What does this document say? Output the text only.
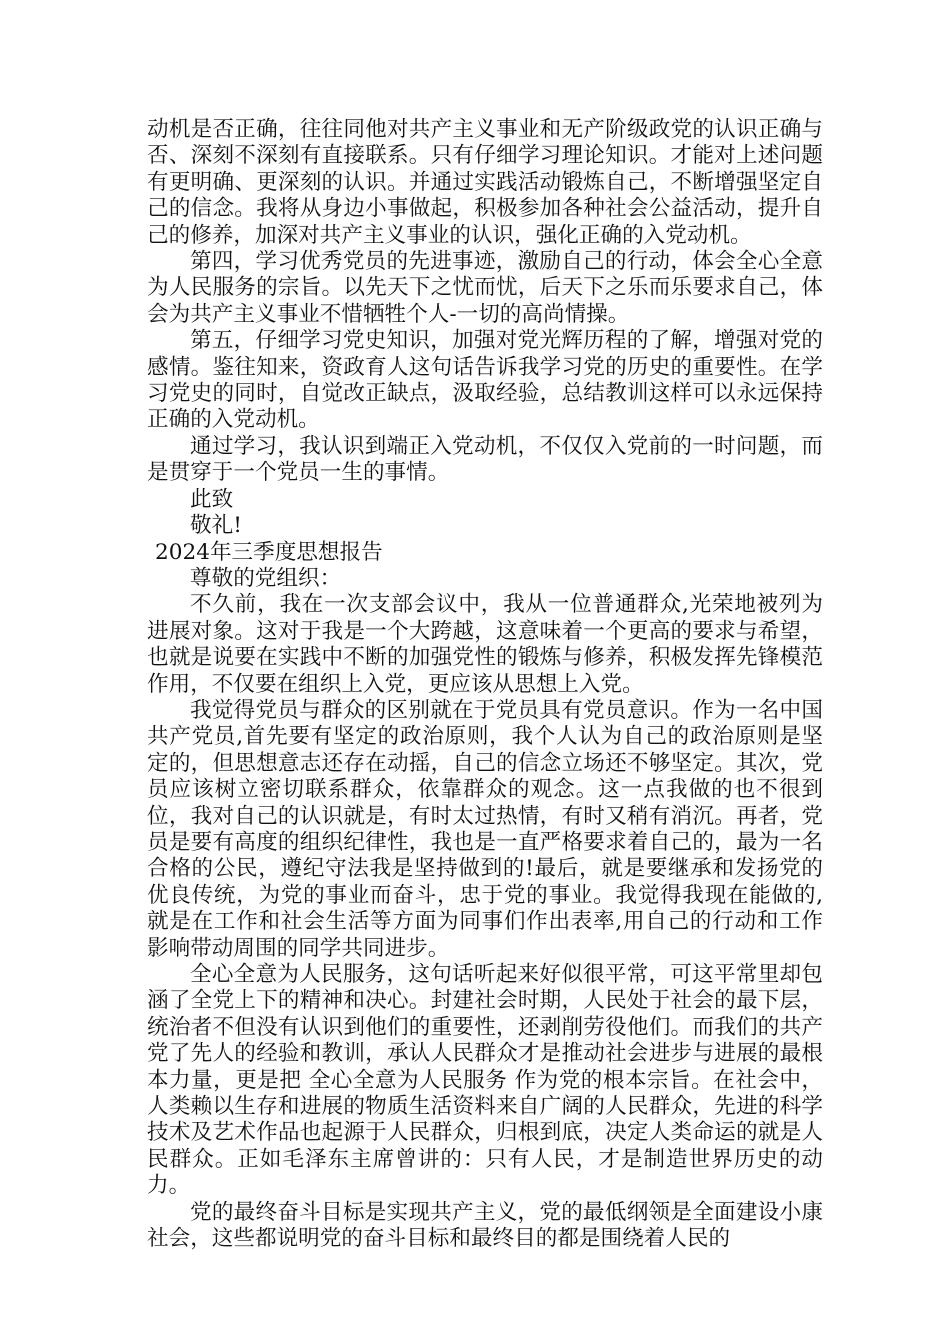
动机是否正确，往往同他对共产主义事业和无产阶级政党的认识正确与否、深刻不深刻有直接联系。只有仔细学习理论知识。才能对上述问题有更明确、更深刻的认识。并通过实践活动锻炼自己，不断增强坚定自己的信念。我将从身边小事做起，积极参加各种社会公益活动，提升自己的修养，加深对共产主义事业的认识，强化正确的入党动机。

第四，学习优秀党员的先进事迹，激励自己的行动，体会全心全意为人民服务的宗旨。以先天下之忧而忧，后天下之乐而乐要求自己，体会为共产主义事业不惜牺牲个人-一切的高尚情操。

第五，仔细学习党史知识，加强对党光辉历程的了解，增强对党的感情。鉴往知来，资政育人这句话告诉我学习党的历史的重要性。在学习党史的同时，自觉改正缺点，汲取经验，总结教训这样可以永远保持正确的入党动机。

通过学习，我认识到端正入党动机，不仅仅入党前的一时问题，而是贯穿于一个党员一生的事情。

此致

敬礼!

2024年三季度思想报告

尊敬的党组织：

不久前，我在一次支部会议中，我从一位普通群众,光荣地被列为进展对象。这对于我是一个大跨越，这意味着一个更高的要求与希望，也就是说要在实践中不断的加强党性的锻炼与修养，积极发挥先锋模范作用，不仅要在组织上入党，更应该从思想上入党。

我觉得党员与群众的区别就在于党员具有党员意识。作为一名中国共产党员,首先要有坚定的政治原则，我个人认为自己的政治原则是坚定的，但思想意志还存在动摇，自己的信念立场还不够坚定。其次，党员应该树立密切联系群众，依靠群众的观念。这一点我做的也不很到位，我对自己的认识就是，有时太过热情，有时又稍有消沉。再者，党员是要有高度的组织纪律性，我也是一直严格要求着自己的，最为一名合格的公民，遵纪守法我是坚持做到的!最后，就是要继承和发扬党的优良传统，为党的事业而奋斗，忠于党的事业。我觉得我现在能做的,就是在工作和社会生活等方面为同事们作出表率,用自己的行动和工作影响带动周围的同学共同进步。

全心全意为人民服务，这句话听起来好似很平常，可这平常里却包涵了全党上下的精神和决心。封建社会时期，人民处于社会的最下层，统治者不但没有认识到他们的重要性，还剥削劳役他们。而我们的共产党了先人的经验和教训，承认人民群众才是推动社会进步与进展的最根本力量，更是把 全心全意为人民服务 作为党的根本宗旨。在社会中，人类赖以生存和进展的物质生活资料来自广阔的人民群众，先进的科学技术及艺术作品也起源于人民群众，归根到底，决定人类命运的就是人民群众。正如毛泽东主席曾讲的：只有人民，才是制造世界历史的动力。

党的最终奋斗目标是实现共产主义，党的最低纲领是全面建设小康社会，这些都说明党的奋斗目标和最终目的都是围绕着人民的
